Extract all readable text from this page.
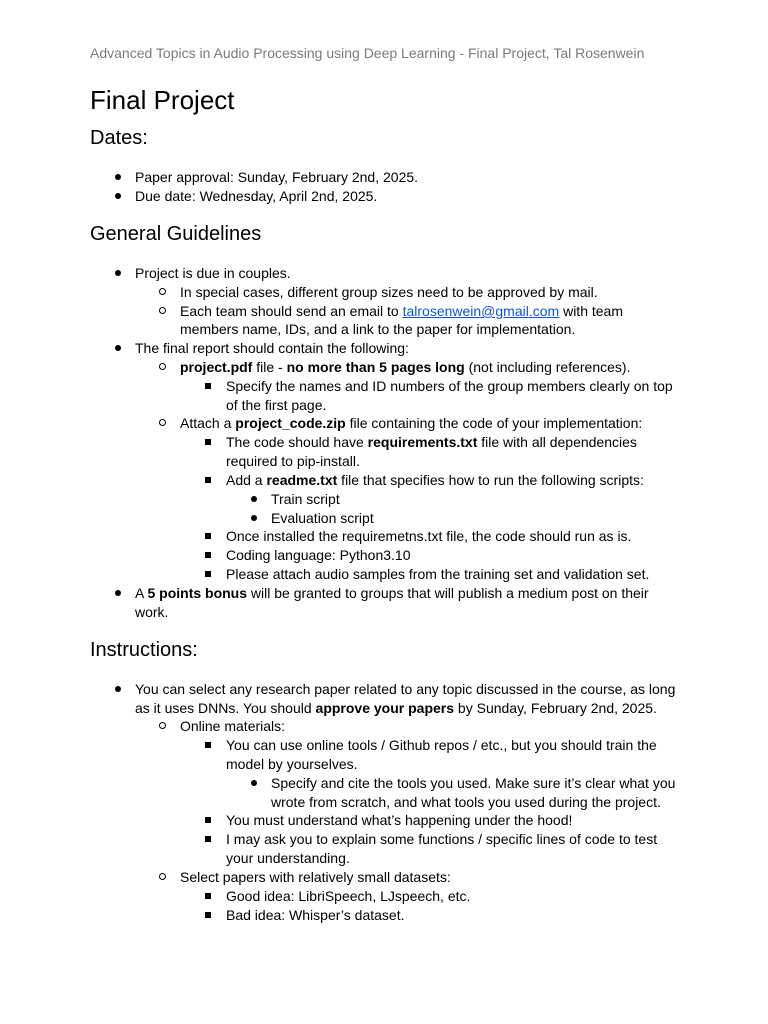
Advanced Topics in Audio Processing using Deep Learning - Final Project, Tal Rosenwein
Final Project
Dates:
Paper approval: Sunday, February 2nd, 2025.
Due date: Wednesday, April 2nd, 2025.
General Guidelines
Project is due in couples.
In special cases, different group sizes need to be approved by mail.
Each team should send an email to talrosenwein@gmail.com with team
members name, IDs, and a link to the paper for implementation.
The final report should contain the following:
project.pdf file - no more than 5 pages long (not including references).
Specify the names and ID numbers of the group members clearly on top
of the first page.
Attach a project_code.zip file containing the code of your implementation:
The code should have requirements.txt file with all dependencies
required to pip-install.
Add a readme.txt file that specifies how to run the following scripts:
Train script
Evaluation script
Once installed the requiremetns.txt file, the code should run as is.
Coding language: Python3.10
Please attach audio samples from the training set and validation set.
A 5 points bonus will be granted to groups that will publish a medium post on their
work.
Instructions:
You can select any research paper related to any topic discussed in the course, as long
as it uses DNNs. You should approve your papers by Sunday, February 2nd, 2025.
Online materials:
You can use online tools / Github repos / etc., but you should train the
model by yourselves.
Specify and cite the tools you used. Make sure it’s clear what you
wrote from scratch, and what tools you used during the project.
You must understand what’s happening under the hood!
I may ask you to explain some functions / specific lines of code to test
your understanding.
Select papers with relatively small datasets:
Good idea: LibriSpeech, LJspeech, etc.
Bad idea: Whisper’s dataset.
